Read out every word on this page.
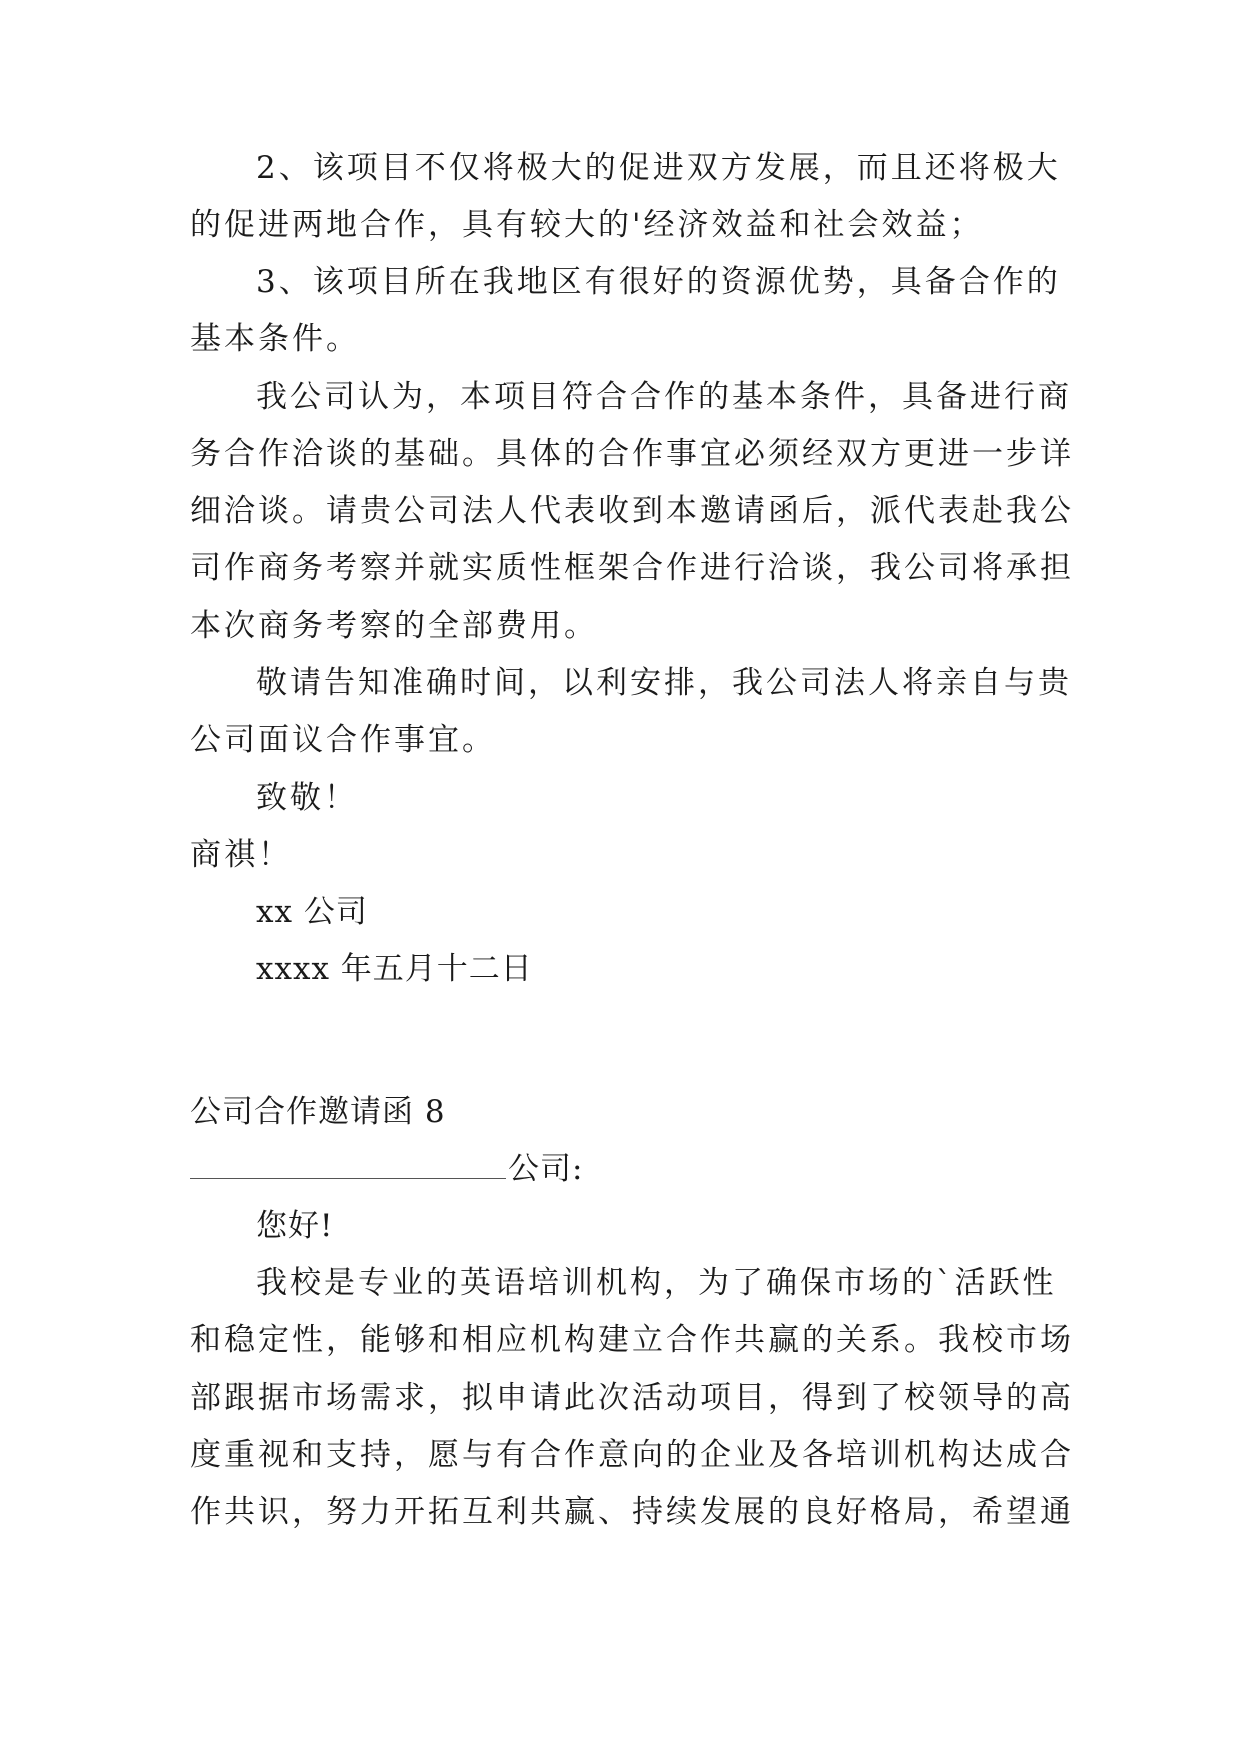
2、该项目不仅将极大的促进双方发展，而且还将极大
的促进两地合作，具有较大的'经济效益和社会效益；
3、该项目所在我地区有很好的资源优势，具备合作的
基本条件。
我公司认为，本项目符合合作的基本条件，具备进行商
务合作洽谈的基础。具体的合作事宜必须经双方更进一步详
细洽谈。请贵公司法人代表收到本邀请函后，派代表赴我公
司作商务考察并就实质性框架合作进行洽谈，我公司将承担
本次商务考察的全部费用。
敬请告知准确时间，以利安排，我公司法人将亲自与贵
公司面议合作事宜。
致敬！
商祺！
xx 公司
xxxx 年五月十二日
公司合作邀请函 8
公司:
您好!
我校是专业的英语培训机构，为了确保市场的`活跃性
和稳定性，能够和相应机构建立合作共赢的关系。我校市场
部跟据市场需求，拟申请此次活动项目，得到了校领导的高
度重视和支持，愿与有合作意向的企业及各培训机构达成合
作共识，努力开拓互利共赢、持续发展的良好格局，希望通
